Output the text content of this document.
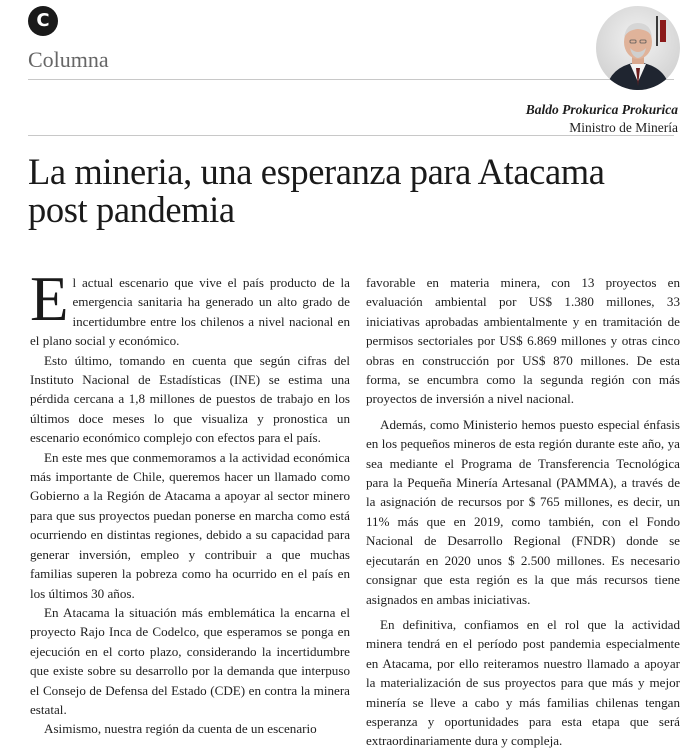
C
Columna
Baldo Prokurica Prokurica
Ministro de Minería
La mineria, una esperanza para Atacama post pandemia

El actual escenario que vive el país producto de la emergencia sanitaria ha generado un alto grado de incertidumbre entre los chilenos a nivel nacional en el plano social y económico.

Esto último, tomando en cuenta que según cifras del Instituto Nacional de Estadísticas (INE) se estima una pérdida cercana a 1,8 millones de puestos de trabajo en los últimos doce meses lo que visualiza y pronostica un escenario económico complejo con efectos para el país.

En este mes que conmemoramos a la actividad económica más importante de Chile, queremos hacer un llamado como Gobierno a la Región de Atacama a apoyar al sector minero para que sus proyectos puedan ponerse en marcha como está ocurriendo en distintas regiones, debido a su capacidad para generar inversión, empleo y contribuir a que muchas familias superen la pobreza como ha ocurrido en el país en los últimos 30 años.

En Atacama la situación más emblemática la encarna el proyecto Rajo Inca de Codelco, que esperamos se ponga en ejecución en el corto plazo, considerando la incertidumbre que existe sobre su desarrollo por la demanda que interpuso el Consejo de Defensa del Estado (CDE) en contra la minera estatal.

Asimismo, nuestra región da cuenta de un escenario

favorable en materia minera, con 13 proyectos en evaluación ambiental por US$ 1.380 millones, 33 iniciativas aprobadas ambientalmente y en tramitación de permisos sectoriales por US$ 6.869 millones y otras cinco obras en construcción por US$ 870 millones. De esta forma, se encumbra como la segunda región con más proyectos de inversión a nivel nacional.

Además, como Ministerio hemos puesto especial énfasis en los pequeños mineros de esta región durante este año, ya sea mediante el Programa de Transferencia Tecnológica para la Pequeña Minería Artesanal (PAMMA), a través de la asignación de recursos por $ 765 millones, es decir, un 11% más que en 2019, como también, con el Fondo Nacional de Desarrollo Regional (FNDR) donde se ejecutarán en 2020 unos $ 2.500 millones. Es necesario consignar que esta región es la que más recursos tiene asignados en ambas iniciativas.

En definitiva, confiamos en el rol que la actividad minera tendrá en el período post pandemia especialmente en Atacama, por ello reiteramos nuestro llamado a apoyar la materialización de sus proyectos para que más y mejor minería se lleve a cabo y más familias chilenas tengan esperanza y oportunidades para esta etapa que será extraordinariamente dura y compleja.
